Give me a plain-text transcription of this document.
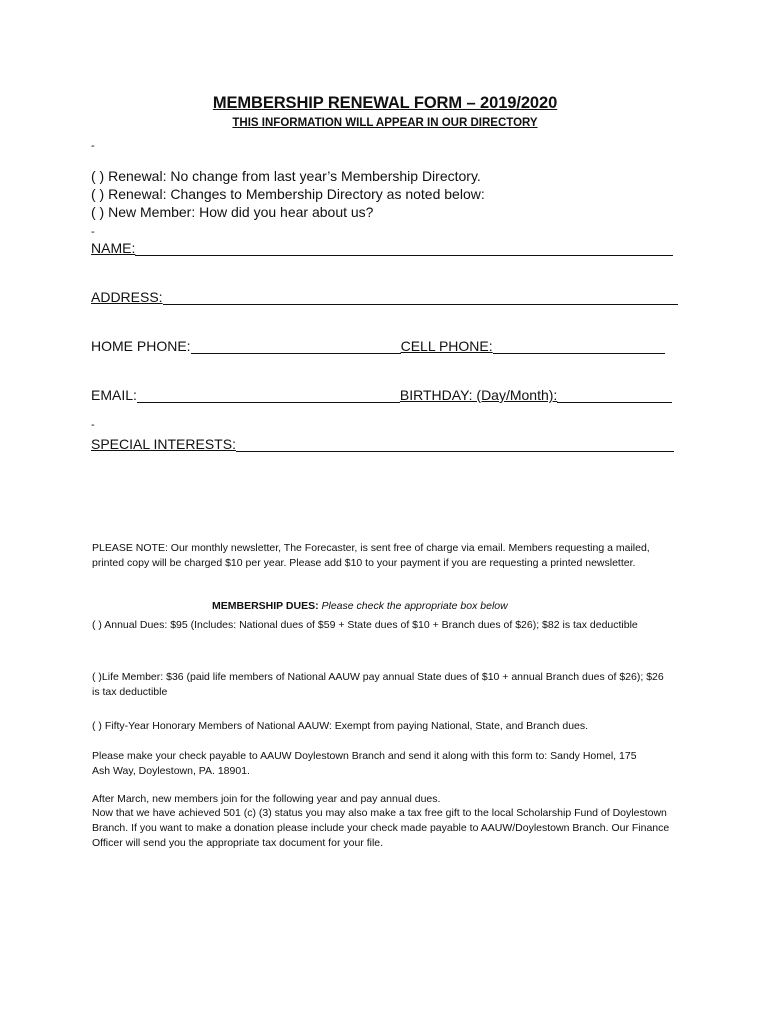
MEMBERSHIP RENEWAL FORM – 2019/2020
THIS INFORMATION WILL APPEAR IN OUR DIRECTORY
-
( ) Renewal: No change from last year’s Membership Directory.
( ) Renewal: Changes to Membership Directory as noted below:
( ) New Member: How did you hear about us?
-
NAME:
ADDRESS:
HOME PHONE:	CELL PHONE:
EMAIL:	BIRTHDAY: (Day/Month):
-
SPECIAL INTERESTS:
PLEASE NOTE: Our monthly newsletter, The Forecaster, is sent free of charge via email. Members requesting a mailed, printed copy will be charged $10 per year. Please add $10 to your payment if you are requesting a printed newsletter.
MEMBERSHIP DUES: Please check the appropriate box below
( ) Annual Dues: $95 (Includes: National dues of $59 + State dues of $10 + Branch dues of $26); $82 is tax deductible
( )Life Member: $36 (paid life members of National AAUW pay annual State dues of $10 + annual Branch dues of $26); $26 is tax deductible
( ) Fifty-Year Honorary Members of National AAUW: Exempt from paying National, State, and Branch dues.
Please make your check payable to AAUW Doylestown Branch and send it along with this form to: Sandy Homel, 175 Ash Way, Doylestown, PA. 18901.
After March, new members join for the following year and pay annual dues.
Now that we have achieved 501 (c) (3) status you may also make a tax free gift to the local Scholarship Fund of Doylestown Branch. If you want to make a donation please include your check made payable to AAUW/Doylestown Branch. Our Finance Officer will send you the appropriate tax document for your file.
